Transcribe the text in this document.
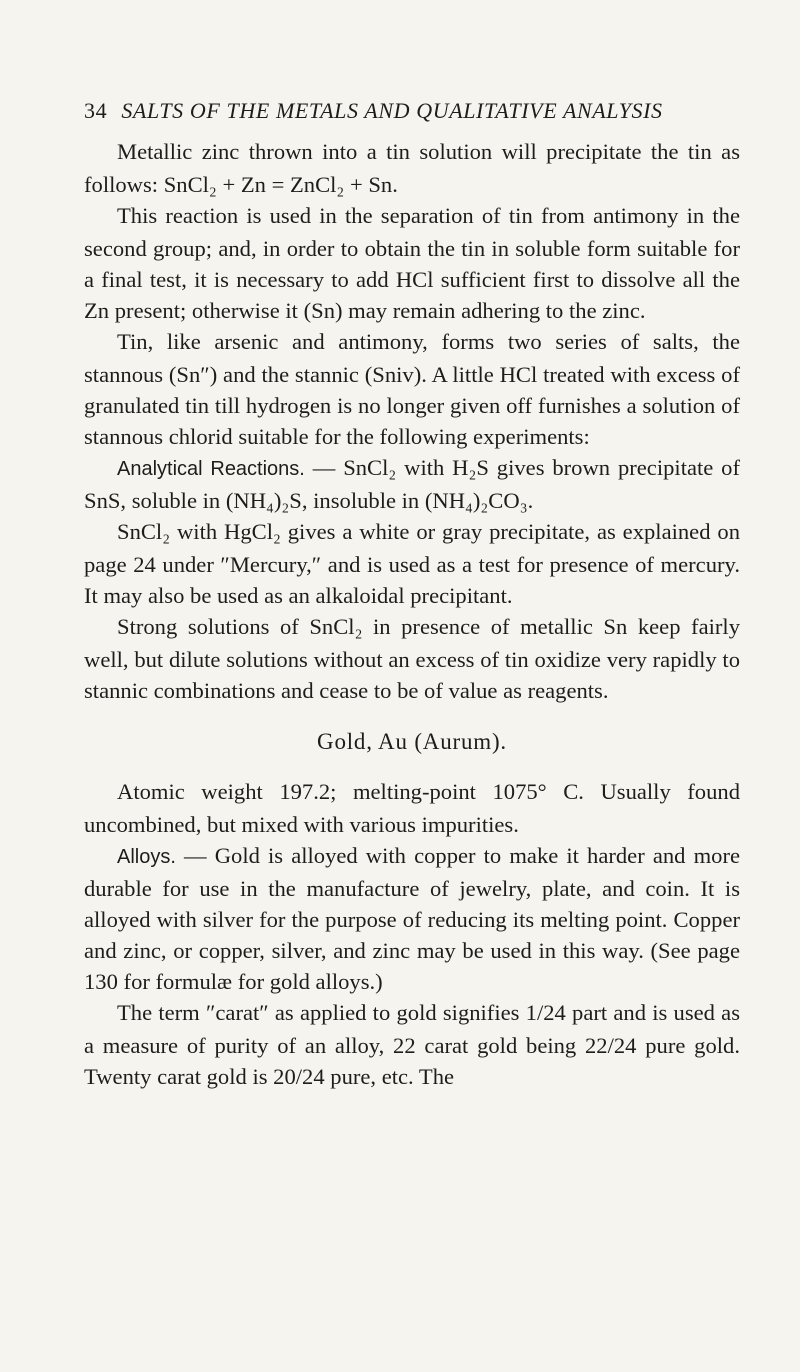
34 SALTS OF THE METALS AND QUALITATIVE ANALYSIS

Metallic zinc thrown into a tin solution will precipitate the tin as follows: SnCl₂ + Zn = ZnCl₂ + Sn.

This reaction is used in the separation of tin from antimony in the second group; and, in order to obtain the tin in soluble form suitable for a final test, it is necessary to add HCl sufficient first to dissolve all the Zn present; otherwise it (Sn) may remain adhering to the zinc.

Tin, like arsenic and antimony, forms two series of salts, the stannous (Sn″) and the stannic (Sniv). A little HCl treated with excess of granulated tin till hydrogen is no longer given off furnishes a solution of stannous chlorid suitable for the following experiments:

Analytical Reactions. — SnCl₂ with H₂S gives brown precipitate of SnS, soluble in (NH₄)₂S, insoluble in (NH₄)₂CO₃.

SnCl₂ with HgCl₂ gives a white or gray precipitate, as explained on page 24 under ″Mercury,″ and is used as a test for presence of mercury. It may also be used as an alkaloidal precipitant.

Strong solutions of SnCl₂ in presence of metallic Sn keep fairly well, but dilute solutions without an excess of tin oxidize very rapidly to stannic combinations and cease to be of value as reagents.

Gold, Au (Aurum).

Atomic weight 197.2; melting-point 1075° C. Usually found uncombined, but mixed with various impurities.

Alloys. — Gold is alloyed with copper to make it harder and more durable for use in the manufacture of jewelry, plate, and coin. It is alloyed with silver for the purpose of reducing its melting point. Copper and zinc, or copper, silver, and zinc may be used in this way. (See page 130 for formulæ for gold alloys.)

The term ″carat″ as applied to gold signifies 1/24 part and is used as a measure of purity of an alloy, 22 carat gold being 22/24 pure gold. Twenty carat gold is 20/24 pure, etc. The
